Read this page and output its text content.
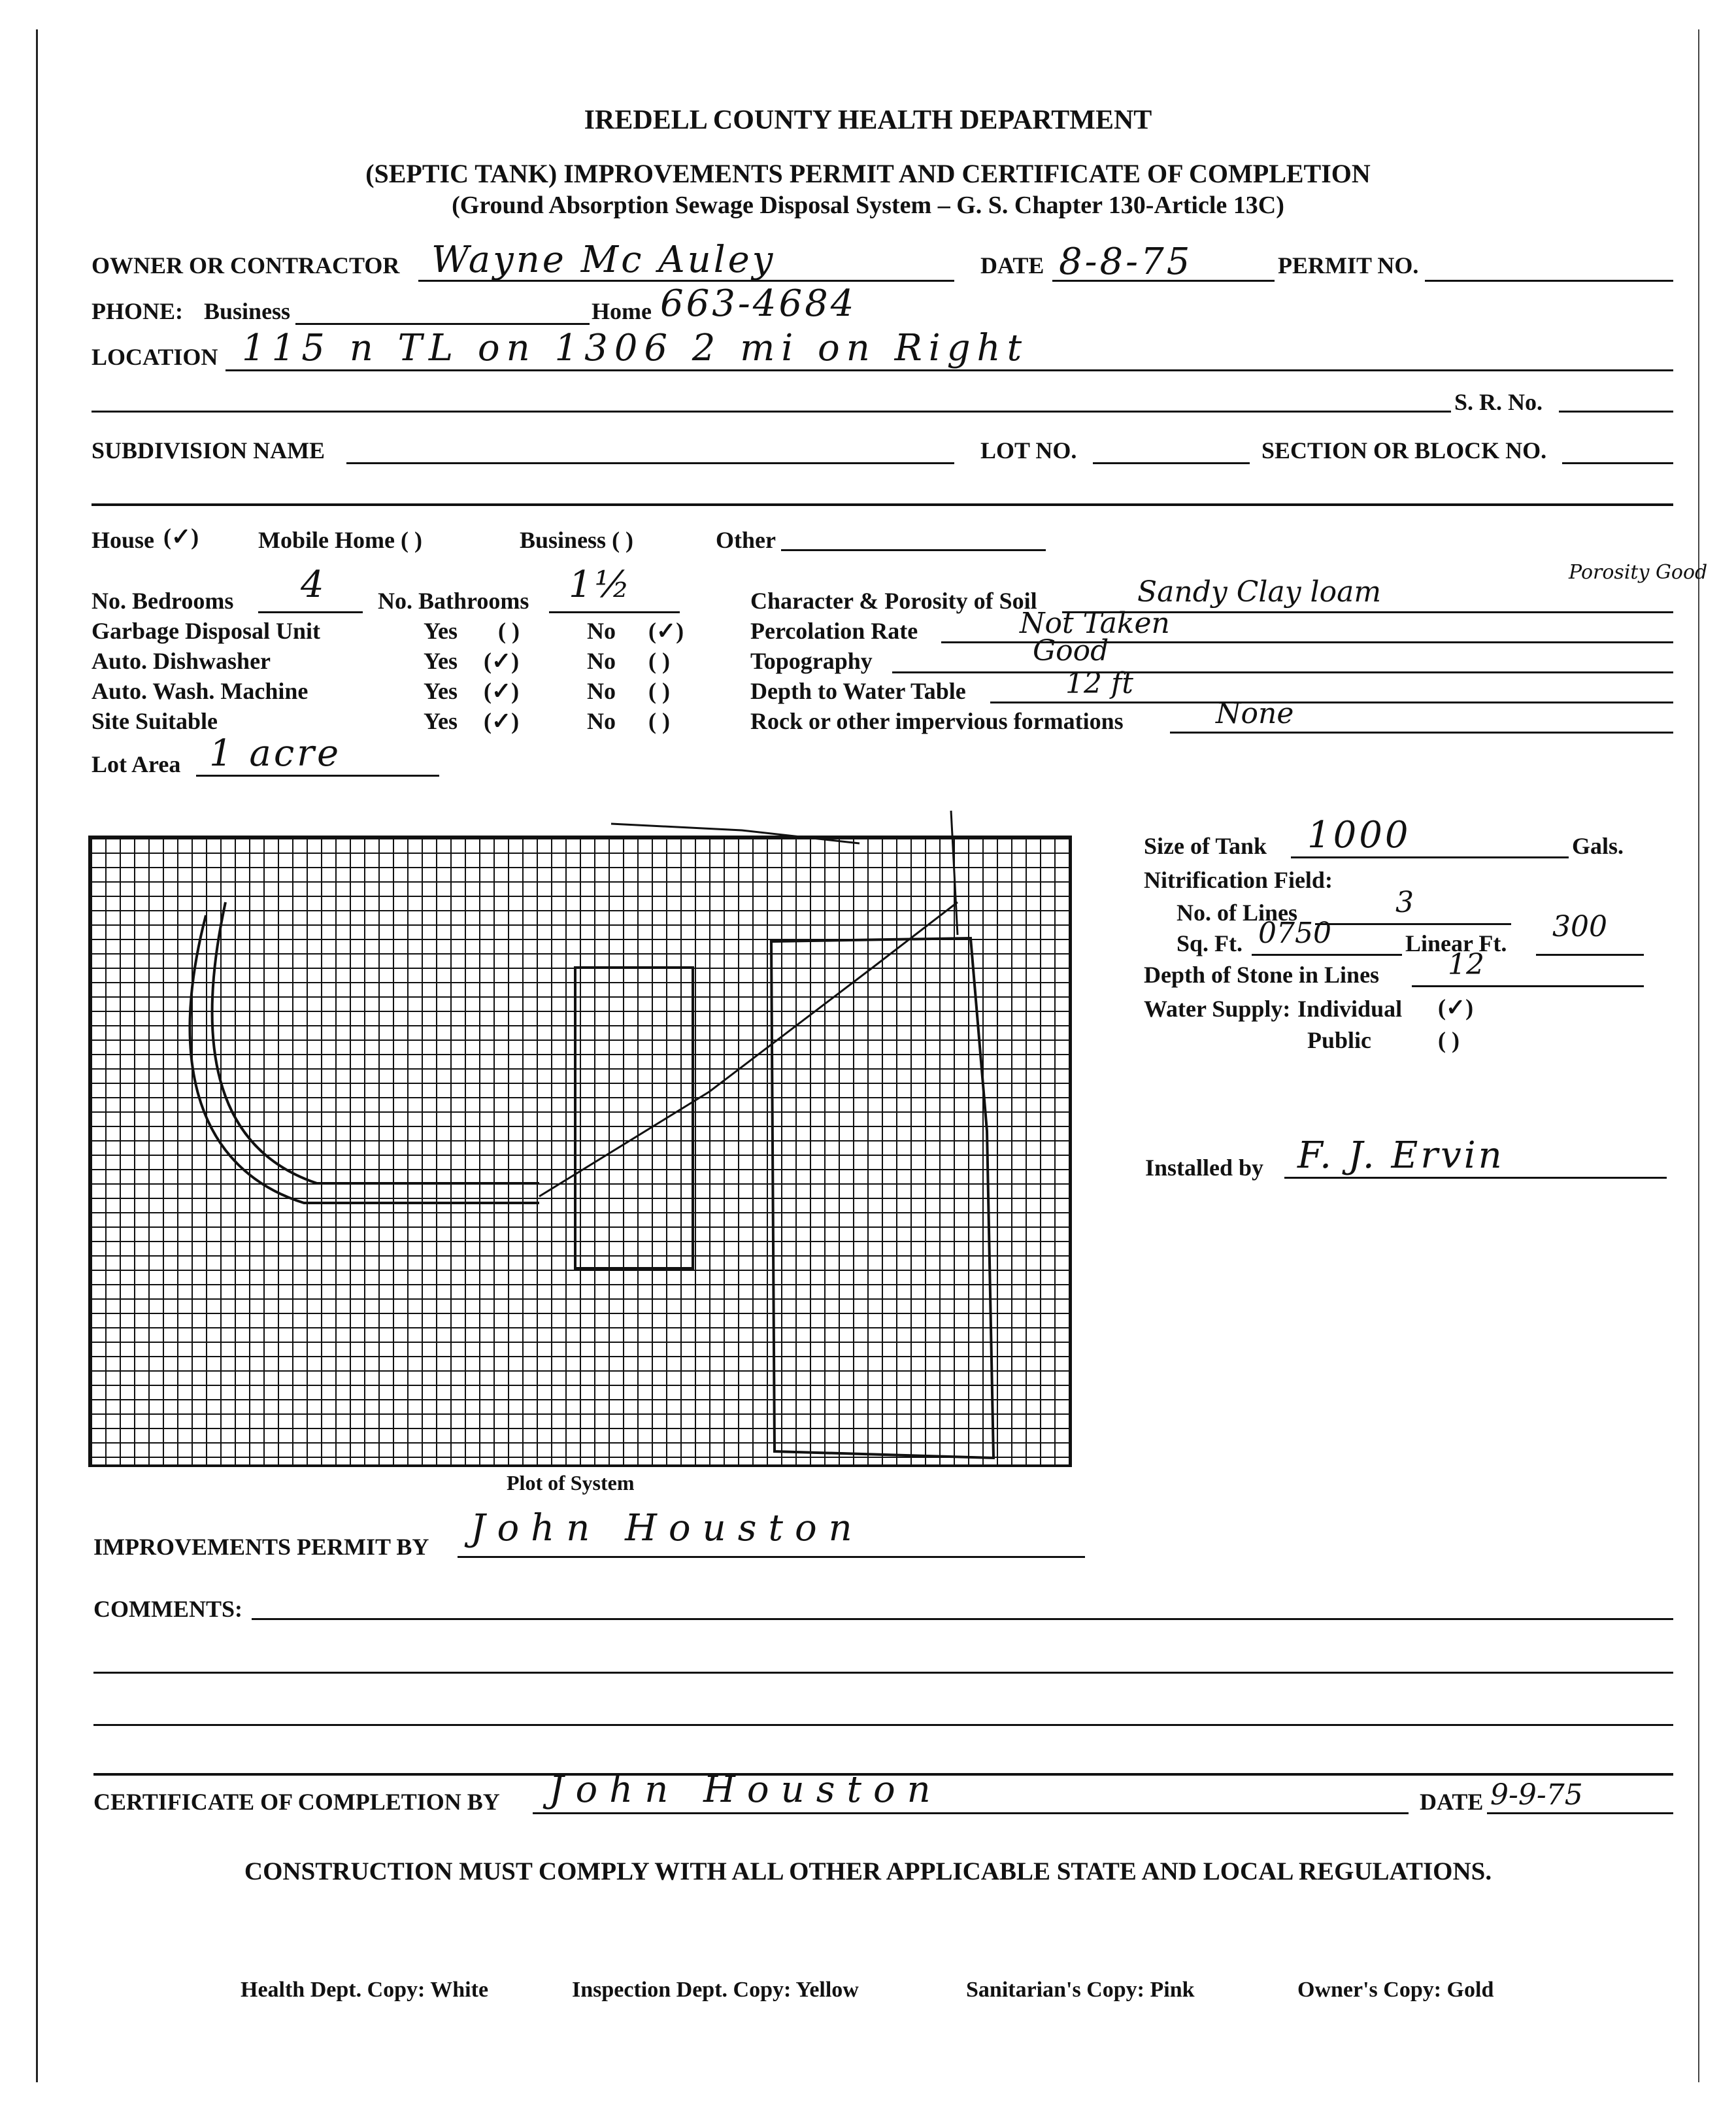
IREDELL COUNTY HEALTH DEPARTMENT
(SEPTIC TANK) IMPROVEMENTS PERMIT AND CERTIFICATE OF COMPLETION
(Ground Absorption Sewage Disposal System – G. S. Chapter 130-Article 13C)
OWNER OR CONTRACTOR Wayne Mc Auley	DATE 8-8-75	PERMIT NO.
PHONE: Business	Home 663-4684
LOCATION 115 n TL on 1306 2 mi on Right
S. R. No.
SUBDIVISION NAME	LOT NO.	SECTION OR BLOCK NO.
House (✓)	Mobile Home ( )	Business ( )	Other
No. Bedrooms 4 No. Bathrooms 1½
Garbage Disposal Unit	Yes ( )	No (✓)
Auto. Dishwasher	Yes (✓)	No ( )
Auto. Wash. Machine	Yes (✓)	No ( )
Site Suitable	Yes (✓)	No ( )
Lot Area 1 acre
Character & Porosity of Soil	Sandy Clay loam
Porosity Good
Percolation Rate	Not Taken
Topography	Good
Depth to Water Table	12 ft
Rock or other impervious formations	None
Plot of System
Size of Tank 1000	Gals.
Nitrification Field:
No. of Lines	3
Sq. Ft. 0750	Linear Ft. 300
Depth of Stone in Lines 12
Water Supply: Individual (✓)
Public	( )
Installed by F. J. Ervin
IMPROVEMENTS PERMIT BY John Houston
COMMENTS:
CERTIFICATE OF COMPLETION BY John Houston	DATE 9-9-75
CONSTRUCTION MUST COMPLY WITH ALL OTHER APPLICABLE STATE AND LOCAL REGULATIONS.
Health Dept. Copy: White	Inspection Dept. Copy: Yellow	Sanitarian's Copy: Pink	Owner's Copy: Gold
